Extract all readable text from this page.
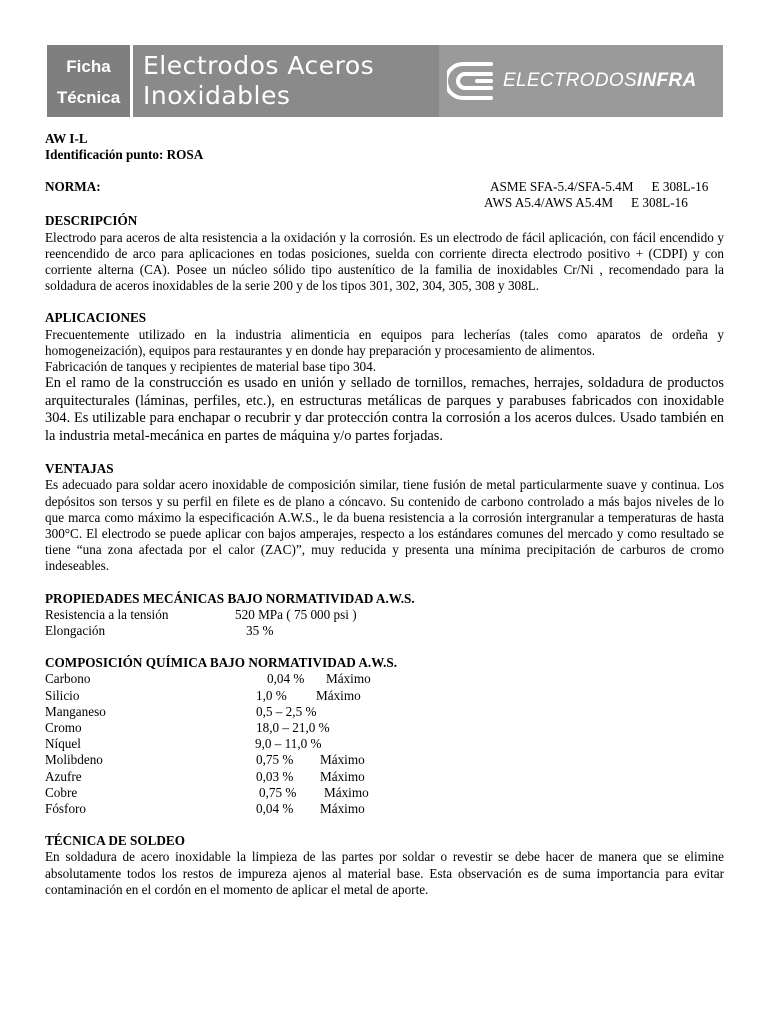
Ficha
Técnica
Electrodos Aceros
Inoxidables
ELECTRODOSINFRA
AW I-L
Identificación punto: ROSA
NORMA:	ASME SFA-5.4/SFA-5.4M E 308L-16
AWS A5.4/AWS A5.4M E 308L-16
DESCRIPCIÓN

Electrodo para aceros de alta resistencia a la oxidación y la corrosión. Es un electrodo de fácil aplicación, con fácil encendido y reencendido de arco para aplicaciones en todas posiciones, suelda con corriente directa electrodo positivo + (CDPI) y con corriente alterna (CA). Posee un núcleo sólido tipo austenítico de la familia de inoxidables Cr/Ni , recomendado para la soldadura de aceros inoxidables de la serie 200 y de los tipos 301, 302, 304, 305, 308 y 308L.

APLICACIONES

Frecuentemente utilizado en la industria alimenticia en equipos para lecherías (tales como aparatos de ordeña y homogeneización), equipos para restaurantes y en donde hay preparación y procesamiento de alimentos.

Fabricación de tanques y recipientes de material base tipo 304.

En el ramo de la construcción es usado en unión y sellado de tornillos, remaches, herrajes, soldadura de productos arquitecturales (láminas, perfiles, etc.), en estructuras metálicas de parques y parabuses fabricados con inoxidable 304. Es utilizable para enchapar o recubrir y dar protección contra la corrosión a los aceros dulces. Usado también en la industria metal-mecánica en partes de máquina y/o partes forjadas.

VENTAJAS

Es adecuado para soldar acero inoxidable de composición similar, tiene fusión de metal particularmente suave y continua. Los depósitos son tersos y su perfil en filete es de plano a cóncavo. Su contenido de carbono controlado a más bajos niveles de lo que marca como máximo la especificación A.W.S., le da buena resistencia a la corrosión intergranular a temperaturas de hasta 300°C. El electrodo se puede aplicar con bajos amperajes, respecto a los estándares comunes del mercado y como resultado se tiene “una zona afectada por el calor (ZAC)”, muy reducida y presenta una mínima precipitación de carburos de cromo indeseables.

PROPIEDADES MECÁNICAS BAJO NORMATIVIDAD A.W.S.
Resistencia a la tensión	520 MPa ( 75 000 psi )
Elongación	35 %
COMPOSICIÓN QUÍMICA BAJO NORMATIVIDAD A.W.S.
Carbono	0,04 % Máximo
Silicio	1,0 % Máximo
Manganeso	0,5 – 2,5 %
Cromo	18,0 – 21,0 %
Níquel	9,0 – 11,0 %
Molibdeno	0,75 % Máximo
Azufre	0,03 % Máximo
Cobre	0,75 % Máximo
Fósforo	0,04 % Máximo
TÉCNICA DE SOLDEO

En soldadura de acero inoxidable la limpieza de las partes por soldar o revestir se debe hacer de manera que se elimine absolutamente todos los restos de impureza ajenos al material base. Esta observación es de suma importancia para evitar contaminación en el cordón en el momento de aplicar el metal de aporte.
